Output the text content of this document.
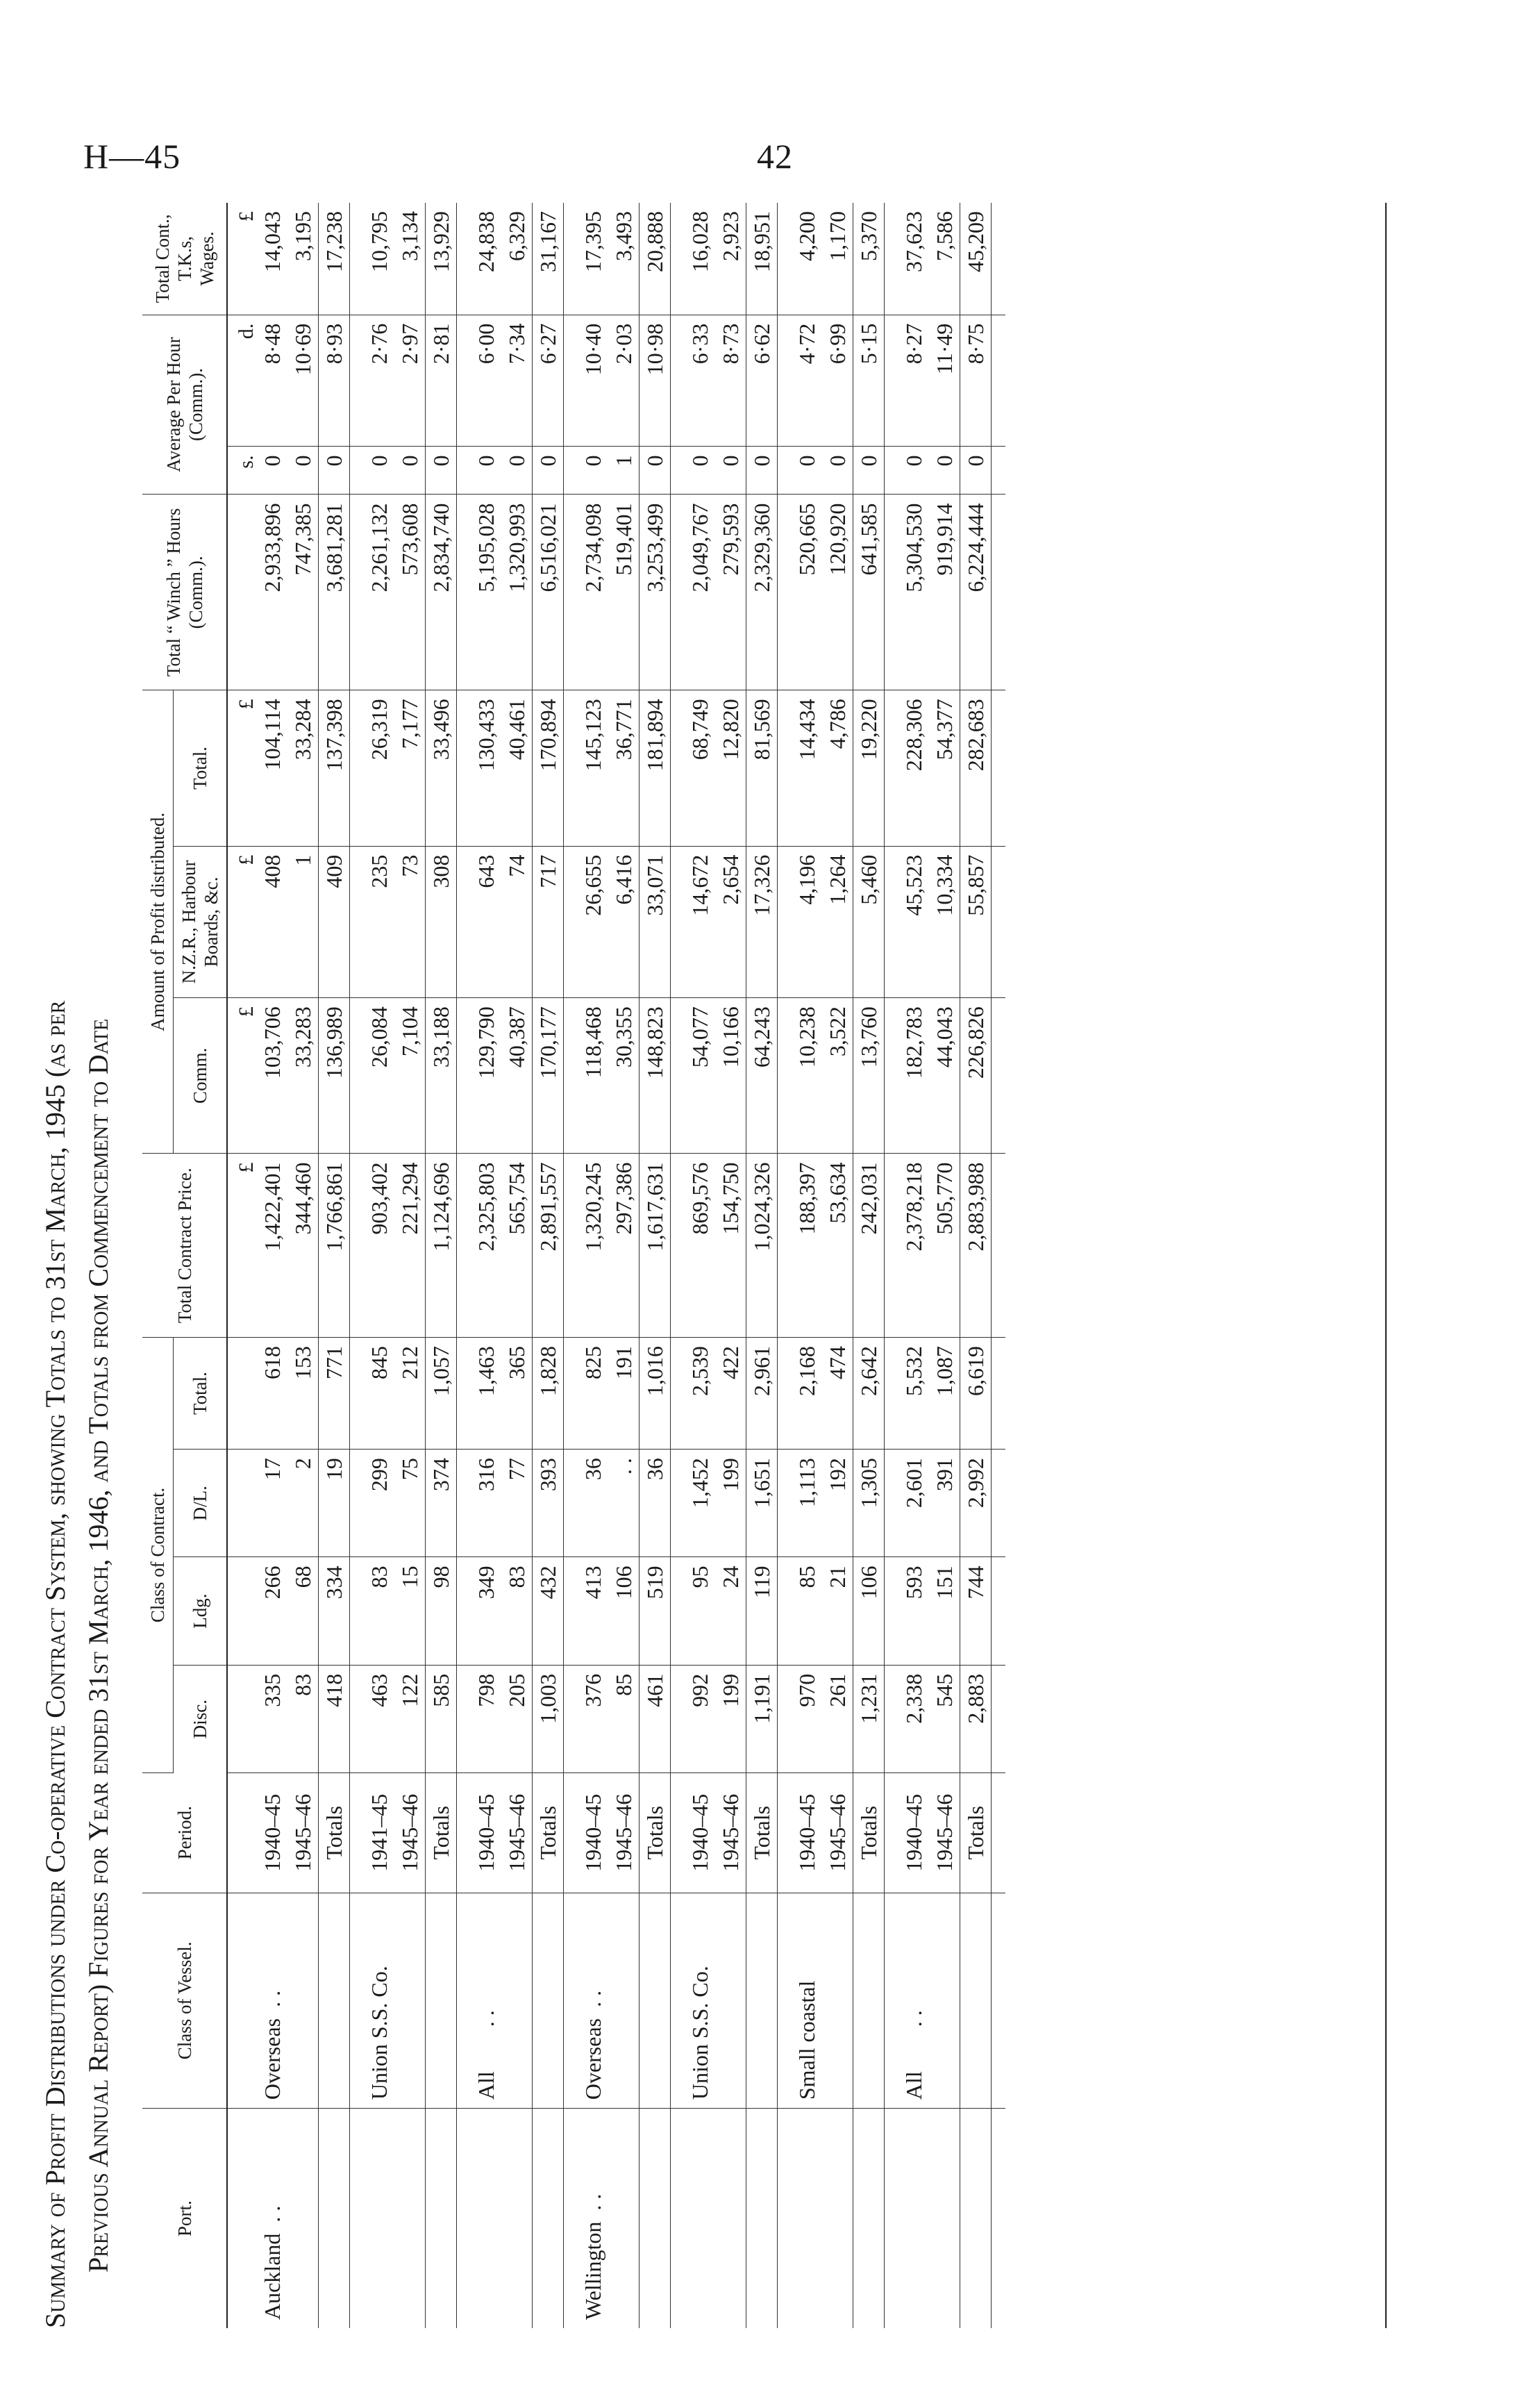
H—45	42
Summary of Profit Distributions under Co-operative Contract System, showing Totals to 31st March, 1945 (as per Previous Annual Report) Figures for Year ended 31st March, 1946, and Totals from Commencement to Date	Port.	Class of Vessel.	Period.	Class of Contract.				Total Contract Price.	Amount of Profit distributed.			Total “ Winch ” Hours (Comm.).	Average Per Hour (Comm.).		Total Cont., T.K.s, Wages.
			Disc.	Ldg.	D/L.	Total.		Comm.	N.Z.R., Harbour Boards, &c.	Total.				
							£	£	£	£		s.	d.	£
Auckland  . .	Overseas  . .	1940–45	335	266	17	618	1,422,401	103,706	408	104,114	2,933,896	0	8·48	14,043
		1945–46	83	68	2	153	344,460	33,283	1	33,284	747,385	0	10·69	3,195
		Totals	418	334	19	771	1,766,861	136,989	409	137,398	3,681,281	0	8·93	17,238

	Union S.S. Co.	1941–45	463	83	299	845	903,402	26,084	235	26,319	2,261,132	0	2·76	10,795
		1945–46	122	15	75	212	221,294	7,104	73	7,177	573,608	0	2·97	3,134
		Totals	585	98	374	1,057	1,124,696	33,188	308	33,496	2,834,740	0	2·81	13,929

	All        . .	1940–45	798	349	316	1,463	2,325,803	129,790	643	130,433	5,195,028	0	6·00	24,838
		1945–46	205	83	77	365	565,754	40,387	74	40,461	1,320,993	0	7·34	6,329
		Totals	1,003	432	393	1,828	2,891,557	170,177	717	170,894	6,516,021	0	6·27	31,167

Wellington  . .	Overseas  . .	1940–45	376	413	36	825	1,320,245	118,468	26,655	145,123	2,734,098	0	10·40	17,395
		1945–46	85	106	. .	191	297,386	30,355	6,416	36,771	519,401	1	2·03	3,493
		Totals	461	519	36	1,016	1,617,631	148,823	33,071	181,894	3,253,499	0	10·98	20,888

	Union S.S. Co.	1940–45	992	95	1,452	2,539	869,576	54,077	14,672	68,749	2,049,767	0	6·33	16,028
		1945–46	199	24	199	422	154,750	10,166	2,654	12,820	279,593	0	8·73	2,923
		Totals	1,191	119	1,651	2,961	1,024,326	64,243	17,326	81,569	2,329,360	0	6·62	18,951

	Small coastal	1940–45	970	85	1,113	2,168	188,397	10,238	4,196	14,434	520,665	0	4·72	4,200
		1945–46	261	21	192	474	53,634	3,522	1,264	4,786	120,920	0	6·99	1,170
		Totals	1,231	106	1,305	2,642	242,031	13,760	5,460	19,220	641,585	0	5·15	5,370

	All        . .	1940–45	2,338	593	2,601	5,532	2,378,218	182,783	45,523	228,306	5,304,530	0	8·27	37,623
		1945–46	545	151	391	1,087	505,770	44,043	10,334	54,377	919,914	0	11·49	7,586
		Totals	2,883	744	2,992	6,619	2,883,988	226,826	55,857	282,683	6,224,444	0	8·75	45,209
